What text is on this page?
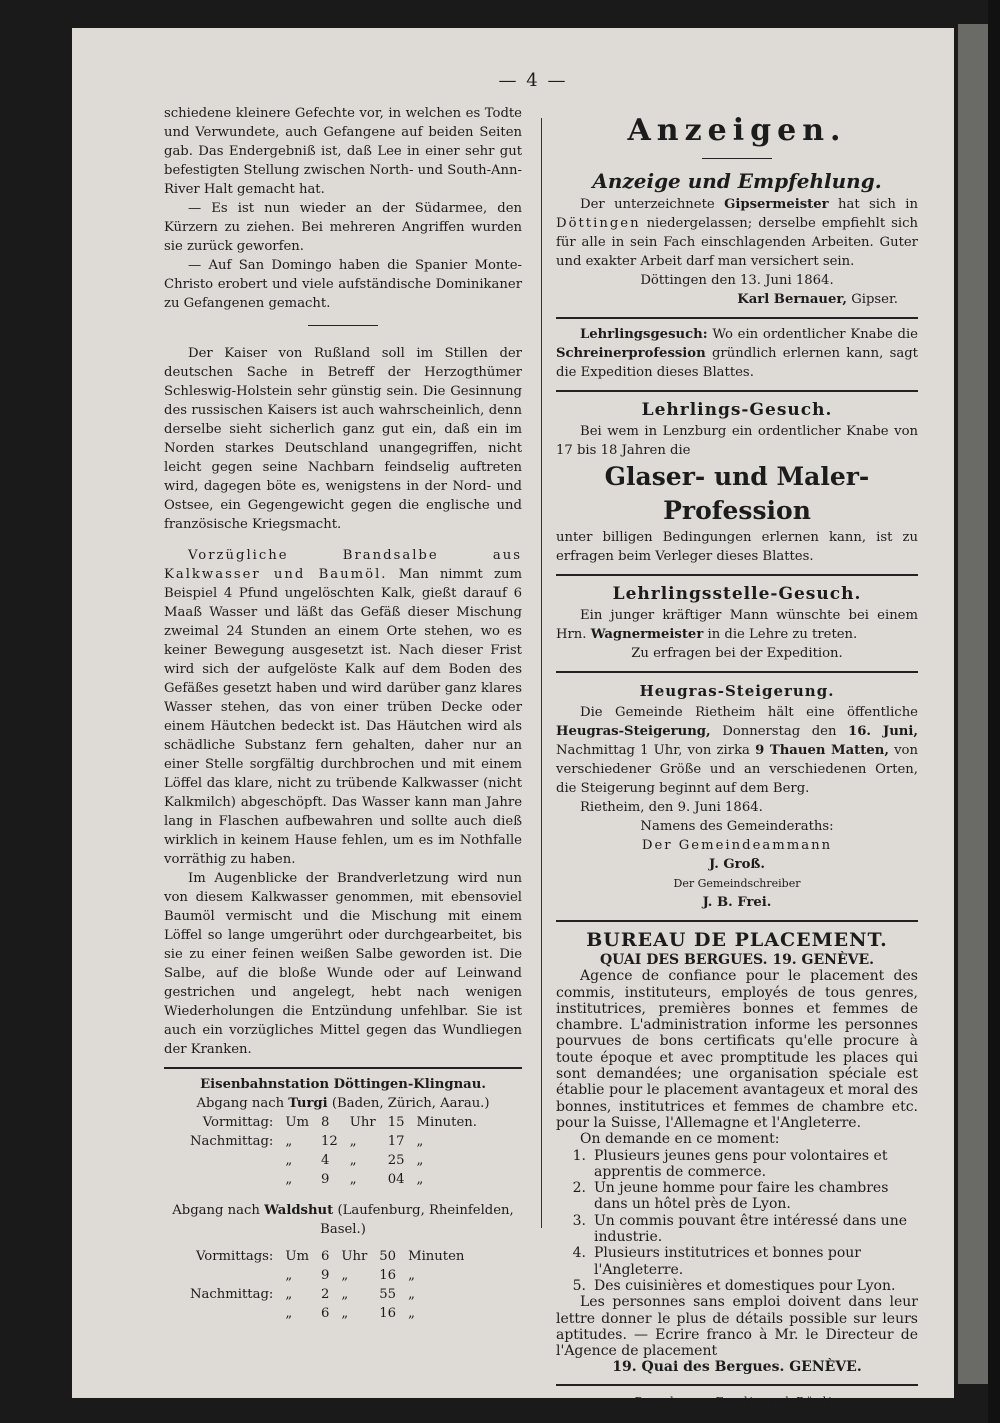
— 4 —

schiedene kleinere Gefechte vor, in welchen es Todte und Verwundete, auch Gefangene auf beiden Seiten gab. Das Endergebniß ist, daß Lee in einer sehr gut befestigten Stellung zwischen North- und South-Ann-River Halt gemacht hat.

— Es ist nun wieder an der Südarmee, den Kürzern zu ziehen. Bei mehreren Angriffen wurden sie zurück geworfen.

— Auf San Domingo haben die Spanier Monte-Christo erobert und viele aufständische Dominikaner zu Gefangenen gemacht.

Der Kaiser von Rußland soll im Stillen der deutschen Sache in Betreff der Herzogthümer Schleswig-Holstein sehr günstig sein. Die Gesinnung des russischen Kaisers ist auch wahrscheinlich, denn derselbe sieht sicherlich ganz gut ein, daß ein im Norden starkes Deutschland unangegriffen, nicht leicht gegen seine Nachbarn feindselig auftreten wird, dagegen böte es, wenigstens in der Nord- und Ostsee, ein Gegengewicht gegen die englische und französische Kriegsmacht.

Vorzügliche Brandsalbe aus Kalkwasser und Baumöl. Man nimmt zum Beispiel 4 Pfund ungelöschten Kalk, gießt darauf 6 Maaß Wasser und läßt das Gefäß dieser Mischung zweimal 24 Stunden an einem Orte stehen, wo es keiner Bewegung ausgesetzt ist. Nach dieser Frist wird sich der aufgelöste Kalk auf dem Boden des Gefäßes gesetzt haben und wird darüber ganz klares Wasser stehen, das von einer trüben Decke oder einem Häutchen bedeckt ist. Das Häutchen wird als schädliche Substanz fern gehalten, daher nur an einer Stelle sorgfältig durchbrochen und mit einem Löffel das klare, nicht zu trübende Kalkwasser (nicht Kalkmilch) abgeschöpft. Das Wasser kann man Jahre lang in Flaschen aufbewahren und sollte auch dieß wirklich in keinem Hause fehlen, um es im Nothfalle vorräthig zu haben.

Im Augenblicke der Brandverletzung wird nun von diesem Kalkwasser genommen, mit ebensoviel Baumöl vermischt und die Mischung mit einem Löffel so lange umgerührt oder durchgearbeitet, bis sie zu einer feinen weißen Salbe geworden ist. Die Salbe, auf die bloße Wunde oder auf Leinwand gestrichen und angelegt, hebt nach wenigen Wiederholungen die Entzündung unfehlbar. Sie ist auch ein vorzügliches Mittel gegen das Wundliegen der Kranken.

Eisenbahnstation Döttingen-Klingnau.
Abgang nach Turgi (Baden, Zürich, Aarau.)
Vormittag:	Um	8	Uhr	15	Minuten.
Nachmittag:	„	12	„	17	„
	„	4	„	25	„
	„	9	„	04	„
Abgang nach Waldshut (Laufenburg, Rheinfelden, Basel.)
Vormittags:	Um	6	Uhr	50	Minuten
	„	9	„	16	„
Nachmittag:	„	2	„	55	„
	„	6	„	16	„
Anzeigen.
Anzeige und Empfehlung.

Der unterzeichnete Gipsermeister hat sich in Döttingen niedergelassen; derselbe empfiehlt sich für alle in sein Fach einschlagenden Arbeiten. Guter und exakter Arbeit darf man versichert sein.

Döttingen den 13. Juni 1864.

Karl Bernauer, Gipser.

Lehrlingsgesuch: Wo ein ordentlicher Knabe die Schreinerprofession gründlich erlernen kann, sagt die Expedition dieses Blattes.

Lehrlings-Gesuch.

Bei wem in Lenzburg ein ordentlicher Knabe von 17 bis 18 Jahren die

Glaser- und Maler-Profession

unter billigen Bedingungen erlernen kann, ist zu erfragen beim Verleger dieses Blattes.

Lehrlingsstelle-Gesuch.

Ein junger kräftiger Mann wünschte bei einem Hrn. Wagnermeister in die Lehre zu treten.

Zu erfragen bei der Expedition.

Heugras-Steigerung.

Die Gemeinde Rietheim hält eine öffentliche Heugras-Steigerung, Donnerstag den 16. Juni, Nachmittag 1 Uhr, von zirka 9 Thauen Matten, von verschiedener Größe und an verschiedenen Orten, die Steigerung beginnt auf dem Berg.

Rietheim, den 9. Juni 1864.

Namens des Gemeinderaths:

Der Gemeindeammann

J. Groß.

Der Gemeindschreiber

J. B. Frei.

BUREAU DE PLACEMENT.
QUAI DES BERGUES. 19. GENÈVE.

Agence de confiance pour le placement des commis, instituteurs, employés de tous genres, institutrices, premières bonnes et femmes de chambre. L'administration informe les personnes pourvues de bons certificats qu'elle procure à toute époque et avec promptitude les places qui sont demandées; une organisation spéciale est établie pour le placement avantageux et moral des bonnes, institutrices et femmes de chambre etc. pour la Suisse, l'Allemagne et l'Angleterre.

On demande en ce moment:

1. Plusieurs jeunes gens pour volontaires et apprentis de commerce.
2. Un jeune homme pour faire les chambres dans un hôtel près de Lyon.
3. Un commis pouvant être intéressé dans une industrie.
4. Plusieurs institutrices et bonnes pour l'Angleterre.
5. Des cuisinières et domestiques pour Lyon.

Les personnes sans emploi doivent dans leur lettre donner le plus de détails possible sur leurs aptitudes. — Ecrire franco à Mr. le Directeur de l'Agence de placement

19. Quai des Bergues. GENÈVE.

Druck von Ferdinand Bürli.
